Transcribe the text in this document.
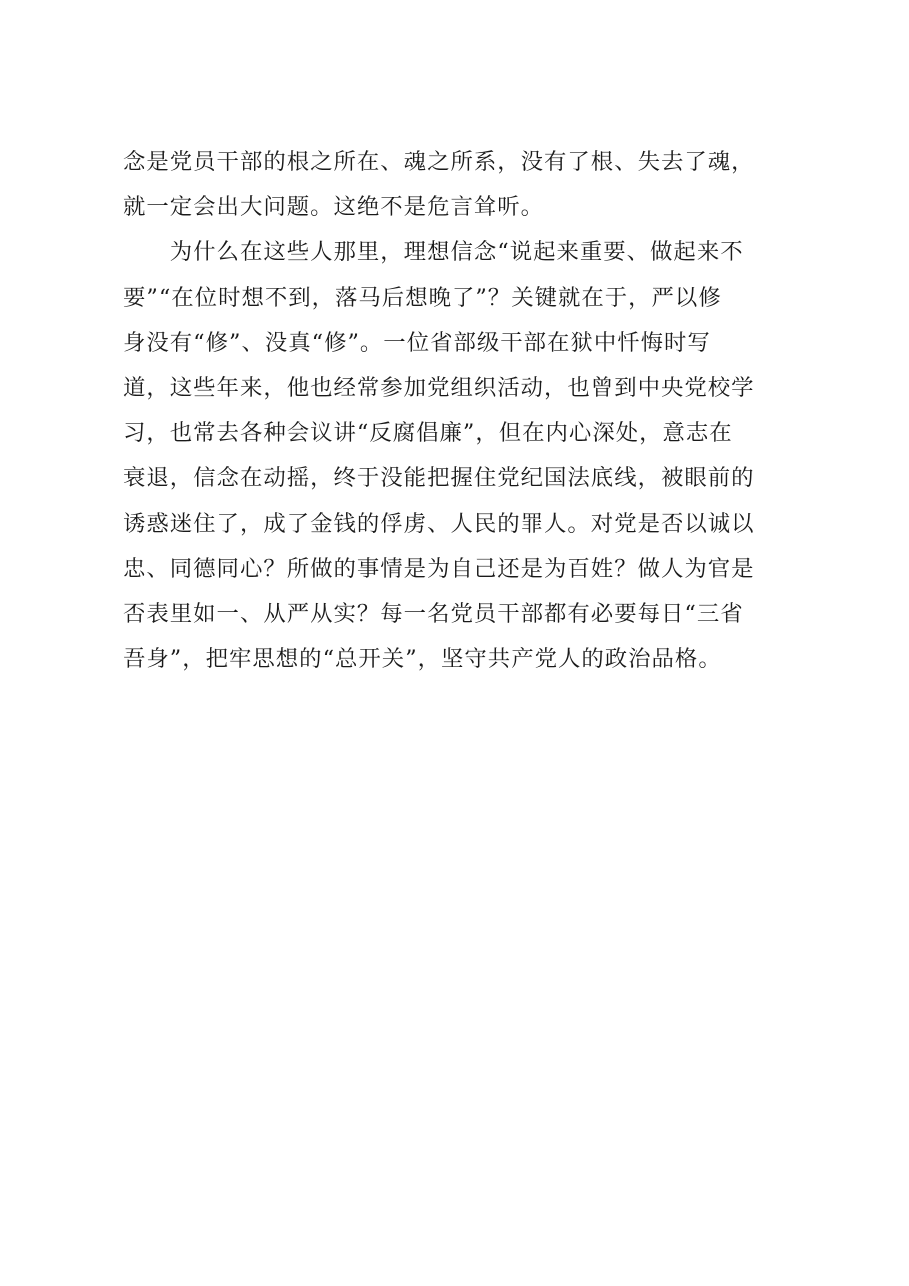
念是党员干部的根之所在、魂之所系，没有了根、失去了魂，
就一定会出大问题。这绝不是危言耸听。
　　为什么在这些人那里，理想信念“说起来重要、做起来不
要”“在位时想不到，落马后想晚了”？关键就在于，严以修
身没有“修”、没真“修”。一位省部级干部在狱中忏悔时写
道，这些年来，他也经常参加党组织活动，也曾到中央党校学
习，也常去各种会议讲“反腐倡廉”，但在内心深处，意志在
衰退，信念在动摇，终于没能把握住党纪国法底线，被眼前的
诱惑迷住了，成了金钱的俘虏、人民的罪人。对党是否以诚以
忠、同德同心？所做的事情是为自己还是为百姓？做人为官是
否表里如一、从严从实？每一名党员干部都有必要每日“三省
吾身”，把牢思想的“总开关”，坚守共产党人的政治品格。
